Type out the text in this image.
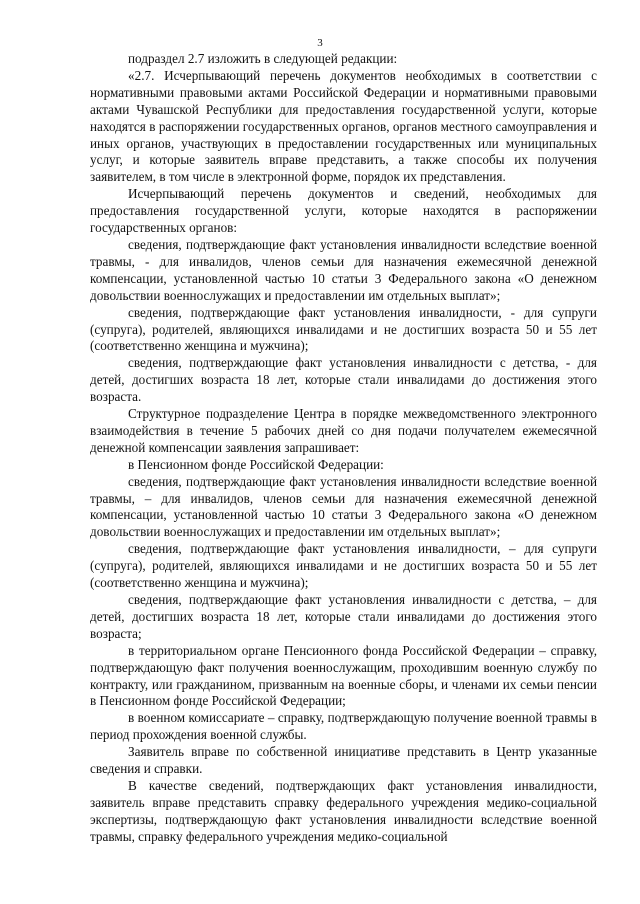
3

подраздел 2.7 изложить в следующей редакции:

«2.7. Исчерпывающий перечень документов необходимых в соответствии с нормативными правовыми актами Российской Федерации и нормативными правовыми актами Чувашской Республики для предоставления государственной услуги, которые находятся в распоряжении государственных органов, органов местного самоуправления и иных органов, участвующих в предоставлении государственных или муниципальных услуг, и которые заявитель вправе представить, а также способы их получения заявителем, в том числе в электронной форме, порядок их представления.

Исчерпывающий перечень документов и сведений, необходимых для предоставления государственной услуги, которые находятся в распоряжении государственных органов:

сведения, подтверждающие факт установления инвалидности вследствие военной травмы, - для инвалидов, членов семьи для назначения ежемесячной денежной компенсации, установленной частью 10 статьи 3 Федерального закона «О денежном довольствии военнослужащих и предоставлении им отдельных выплат»;

сведения, подтверждающие факт установления инвалидности, - для супруги (супруга), родителей, являющихся инвалидами и не достигших возраста 50 и 55 лет (соответственно женщина и мужчина);

сведения, подтверждающие факт установления инвалидности с детства, - для детей, достигших возраста 18 лет, которые стали инвалидами до достижения этого возраста.

Структурное подразделение Центра в порядке межведомственного электронного взаимодействия в течение 5 рабочих дней со дня подачи получателем ежемесячной денежной компенсации заявления запрашивает:

в Пенсионном фонде Российской Федерации:

сведения, подтверждающие факт установления инвалидности вследствие военной травмы, – для инвалидов, членов семьи для назначения ежемесячной денежной компенсации, установленной частью 10 статьи 3 Федерального закона «О денежном довольствии военнослужащих и предоставлении им отдельных выплат»;

сведения, подтверждающие факт установления инвалидности, – для супруги (супруга), родителей, являющихся инвалидами и не достигших возраста 50 и 55 лет (соответственно женщина и мужчина);

сведения, подтверждающие факт установления инвалидности с детства, – для детей, достигших возраста 18 лет, которые стали инвалидами до достижения этого возраста;

в территориальном органе Пенсионного фонда Российской Федерации – справку, подтверждающую факт получения военнослужащим, проходившим военную службу по контракту, или гражданином, призванным на военные сборы, и членами их семьи пенсии в Пенсионном фонде Российской Федерации;

в военном комиссариате – справку, подтверждающую получение военной травмы в период прохождения военной службы.

Заявитель вправе по собственной инициативе представить в Центр указанные сведения и справки.

В качестве сведений, подтверждающих факт установления инвалидности, заявитель вправе представить справку федерального учреждения медико-социальной экспертизы, подтверждающую факт установления инвалидности вследствие военной травмы, справку федерального учреждения медико-социальной
